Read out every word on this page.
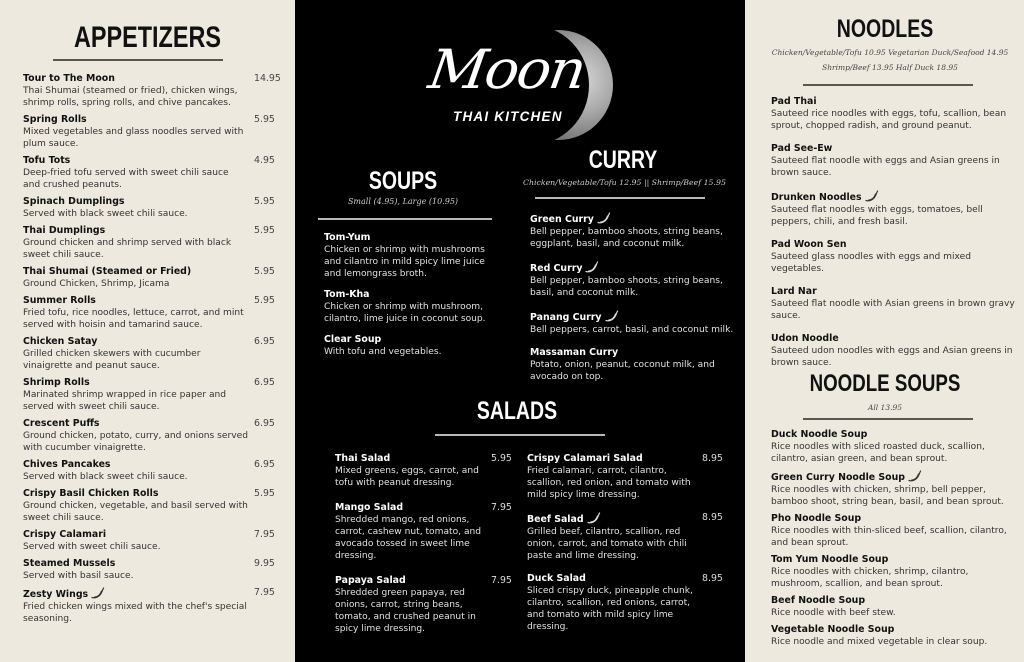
APPETIZERS
Tour to The Moon
Thai Shumai (steamed or fried), chicken wings, shrimp rolls, spring rolls, and chive pancakes.
14.95
Spring Rolls
Mixed vegetables and glass noodles served with plum sauce.
5.95
Tofu Tots
Deep-fried tofu served with sweet chili sauce and crushed peanuts.
4.95
Spinach Dumplings
Served with black sweet chili sauce.
5.95
Thai Dumplings
Ground chicken and shrimp served with black sweet chili sauce.
5.95
Thai Shumai (Steamed or Fried)
Ground Chicken, Shrimp, Jicama
5.95
Summer Rolls
Fried tofu, rice noodles, lettuce, carrot, and mint served with hoisin and tamarind sauce.
5.95
Chicken Satay
Grilled chicken skewers with cucumber vinaigrette and peanut sauce.
6.95
Shrimp Rolls
Marinated shrimp wrapped in rice paper and served with sweet chili sauce.
6.95
Crescent Puffs
Ground chicken, potato, curry, and onions served with cucumber vinaigrette.
6.95
Chives Pancakes
Served with black sweet chili sauce.
6.95
Crispy Basil Chicken Rolls
Ground chicken, vegetable, and basil served with sweet chili sauce.
5.95
Crispy Calamari
Served with sweet chili sauce.
7.95
Steamed Mussels
Served with basil sauce.
9.95
Zesty Wings
Fried chicken wings mixed with the chef's special seasoning.
7.95
Moon
THAI KITCHEN
SOUPS
Small (4.95), Large (10.95)
Tom-Yum
Chicken or shrimp with mushrooms and cilantro in mild spicy lime juice and lemongrass broth.
Tom-Kha
Chicken or shrimp with mushroom, cilantro, lime juice in coconut soup.
Clear Soup
With tofu and vegetables.
CURRY
Chicken/Vegetable/Tofu 12.95 || Shrimp/Beef 15.95
Green Curry
Bell pepper, bamboo shoots, string beans, eggplant, basil, and coconut milk.
Red Curry
Bell pepper, bamboo shoots, string beans, basil, and coconut milk.
Panang Curry
Bell peppers, carrot, basil, and coconut milk.
Massaman Curry
Potato, onion, peanut, coconut milk, and avocado on top.
SALADS
Thai Salad
Mixed greens, eggs, carrot, and tofu with peanut dressing.
5.95
Mango Salad
Shredded mango, red onions, carrot, cashew nut, tomato, and avocado tossed in sweet lime dressing.
7.95
Papaya Salad
Shredded green papaya, red onions, carrot, string beans, tomato, and crushed peanut in spicy lime dressing.
7.95
Crispy Calamari Salad
Fried calamari, carrot, cilantro, scallion, red onion, and tomato with mild spicy lime dressing.
8.95
Beef Salad
Grilled beef, cilantro, scallion, red onion, carrot, and tomato with chili paste and lime dressing.
8.95
Duck Salad
Sliced crispy duck, pineapple chunk, cilantro, scallion, red onions, carrot, and tomato with mild spicy lime dressing.
8.95
NOODLES
Chicken/Vegetable/Tofu 10.95 Vegetarian Duck/Seafood 14.95
Shrimp/Beef 13.95 Half Duck 18.95
Pad Thai
Sauteed rice noodles with eggs, tofu, scallion, bean sprout, chopped radish, and ground peanut.
Pad See-Ew
Sauteed flat noodle with eggs and Asian greens in brown sauce.
Drunken Noodles
Sauteed flat noodles with eggs, tomatoes, bell peppers, chili, and fresh basil.
Pad Woon Sen
Sauteed glass noodles with eggs and mixed vegetables.
Lard Nar
Sauteed flat noodle with Asian greens in brown gravy sauce.
Udon Noodle
Sauteed udon noodles with eggs and Asian greens in brown sauce.
NOODLE SOUPS
All 13.95
Duck Noodle Soup
Rice noodles with sliced roasted duck, scallion, cilantro, asian green, and bean sprout.
Green Curry Noodle Soup
Rice noodles with chicken, shrimp, bell pepper, bamboo shoot, string bean, basil, and bean sprout.
Pho Noodle Soup
Rice noodles with thin-sliced beef, scallion, cilantro, and bean sprout.
Tom Yum Noodle Soup
Rice noodles with chicken, shrimp, cilantro, mushroom, scallion, and bean sprout.
Beef Noodle Soup
Rice noodle with beef stew.
Vegetable Noodle Soup
Rice noodle and mixed vegetable in clear soup.
